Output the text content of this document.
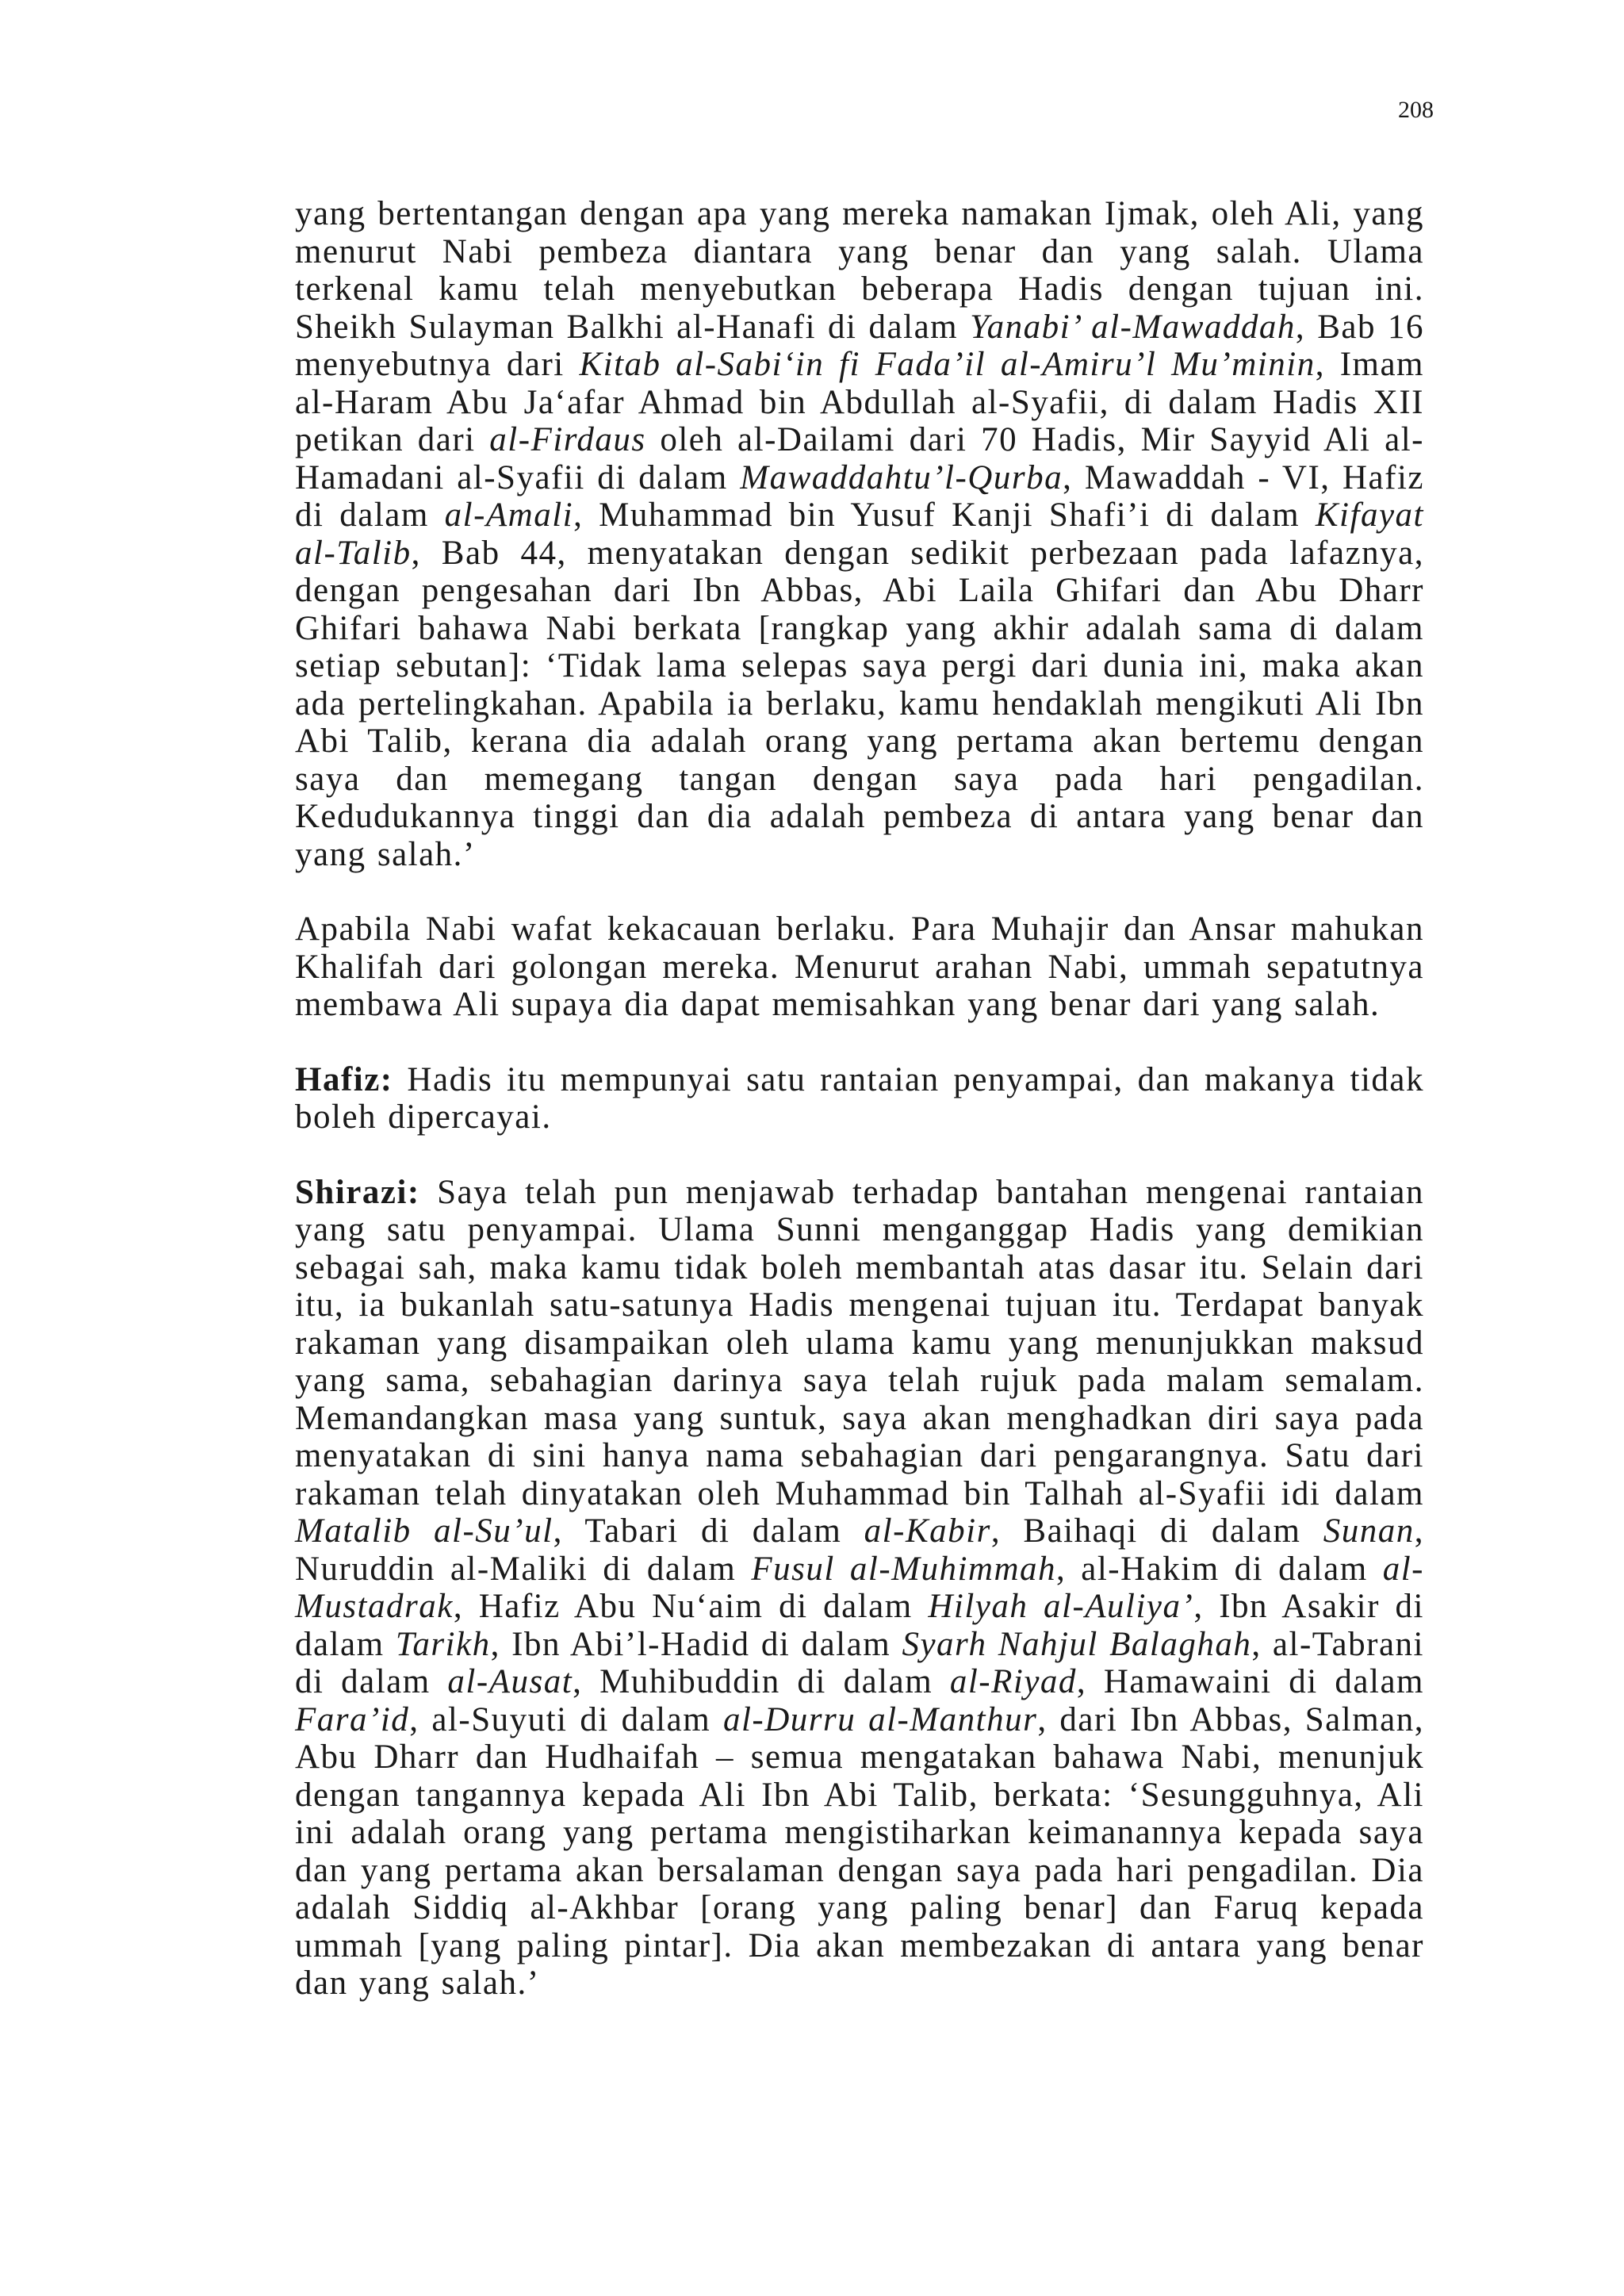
208

yang bertentangan dengan apa yang mereka namakan Ijmak, oleh Ali, yang menurut Nabi pembeza diantara yang benar dan yang salah. Ulama terkenal kamu telah menyebutkan beberapa Hadis dengan tujuan ini. Sheikh Sulayman Balkhi al-Hanafi di dalam Yanabi’ al-Mawaddah, Bab 16 menyebutnya dari Kitab al-Sabi‘in fi Fada’il al-Amiru’l Mu’minin, Imam al-Haram Abu Ja‘afar Ahmad bin Abdullah al-Syafii, di dalam Hadis XII petikan dari al-Firdaus oleh al-Dailami dari 70 Hadis, Mir Sayyid Ali al-Hamadani al-Syafii di dalam Mawaddahtu’l-Qurba, Mawaddah - VI, Hafiz di dalam al-Amali, Muhammad bin Yusuf Kanji Shafi’i di dalam Kifayat al-Talib, Bab 44, menyatakan dengan sedikit perbezaan pada lafaznya, dengan pengesahan dari Ibn Abbas, Abi Laila Ghifari dan Abu Dharr Ghifari bahawa Nabi berkata [rangkap yang akhir adalah sama di dalam setiap sebutan]: ‘Tidak lama selepas saya pergi dari dunia ini, maka akan ada pertelingkahan. Apabila ia berlaku, kamu hendaklah mengikuti Ali Ibn Abi Talib, kerana dia adalah orang yang pertama akan bertemu dengan saya dan memegang tangan dengan saya pada hari pengadilan. Kedudukannya tinggi dan dia adalah pembeza di antara yang benar dan yang salah.’

Apabila Nabi wafat kekacauan berlaku. Para Muhajir dan Ansar mahukan Khalifah dari golongan mereka. Menurut arahan Nabi, ummah sepatutnya membawa Ali supaya dia dapat memisahkan yang benar dari yang salah.

Hafiz: Hadis itu mempunyai satu rantaian penyampai, dan makanya tidak boleh dipercayai.

Shirazi: Saya telah pun menjawab terhadap bantahan mengenai rantaian yang satu penyampai. Ulama Sunni menganggap Hadis yang demikian sebagai sah, maka kamu tidak boleh membantah atas dasar itu. Selain dari itu, ia bukanlah satu-satunya Hadis mengenai tujuan itu. Terdapat banyak rakaman yang disampaikan oleh ulama kamu yang menunjukkan maksud yang sama, sebahagian darinya saya telah rujuk pada malam semalam. Memandangkan masa yang suntuk, saya akan menghadkan diri saya pada menyatakan di sini hanya nama sebahagian dari pengarangnya. Satu dari rakaman telah dinyatakan oleh Muhammad bin Talhah al-Syafii idi dalam Matalib al-Su’ul, Tabari di dalam al-Kabir, Baihaqi di dalam Sunan, Nuruddin al-Maliki di dalam Fusul al-Muhimmah, al-Hakim di dalam al-Mustadrak, Hafiz Abu Nu‘aim di dalam Hilyah al-Auliya’, Ibn Asakir di dalam Tarikh, Ibn Abi’l-Hadid di dalam Syarh Nahjul Balaghah, al-Tabrani di dalam al-Ausat, Muhibuddin di dalam al-Riyad, Hamawaini di dalam Fara’id, al-Suyuti di dalam al-Durru al-Manthur, dari Ibn Abbas, Salman, Abu Dharr dan Hudhaifah – semua mengatakan bahawa Nabi, menunjuk dengan tangannya kepada Ali Ibn Abi Talib, berkata: ‘Sesungguhnya, Ali ini adalah orang yang pertama mengistiharkan keimanannya kepada saya dan yang pertama akan bersalaman dengan saya pada hari pengadilan. Dia adalah Siddiq al-Akhbar [orang yang paling benar] dan Faruq kepada ummah [yang paling pintar]. Dia akan membezakan di antara yang benar dan yang salah.’
